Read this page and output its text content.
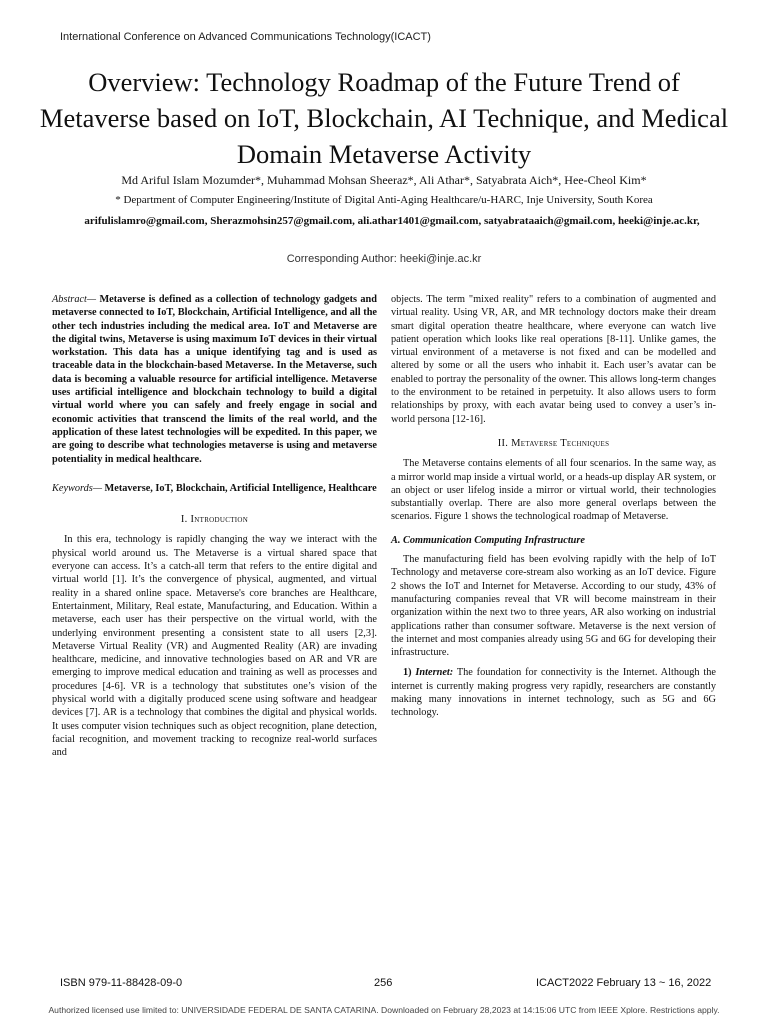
International Conference on Advanced Communications Technology(ICACT)
Overview: Technology Roadmap of the Future Trend of Metaverse based on IoT, Blockchain, AI Technique, and Medical Domain Metaverse Activity
Md Ariful Islam Mozumder*, Muhammad Mohsan Sheeraz*, Ali Athar*, Satyabrata Aich*, Hee-Cheol Kim*
* Department of Computer Engineering/Institute of Digital Anti-Aging Healthcare/u-HARC, Inje University, South Korea
arifulislamro@gmail.com, Sherazmohsin257@gmail.com, ali.athar1401@gmail.com, satyabrataaich@gmail.com, heeki@inje.ac.kr,
Corresponding Author: heeki@inje.ac.kr
Abstract— Metaverse is defined as a collection of technology gadgets and metaverse connected to IoT, Blockchain, Artificial Intelligence, and all the other tech industries including the medical area. IoT and Metaverse are the digital twins, Metaverse is using maximum IoT devices in their virtual workstation. This data has a unique identifying tag and is used as traceable data in the blockchain-based Metaverse. In the Metaverse, such data is becoming a valuable resource for artificial intelligence. Metaverse uses artificial intelligence and blockchain technology to build a digital virtual world where you can safely and freely engage in social and economic activities that transcend the limits of the real world, and the application of these latest technologies will be expedited. In this paper, we are going to describe what technologies metaverse is using and metaverse potentiality in medical healthcare.
Keywords— Metaverse, IoT, Blockchain, Artificial Intelligence, Healthcare
I. Introduction

In this era, technology is rapidly changing the way we interact with the physical world around us. The Metaverse is a virtual shared space that everyone can access. It’s a catch-all term that refers to the entire digital and virtual world [1]. It’s the convergence of physical, augmented, and virtual reality in a shared online space. Metaverse's core branches are Healthcare, Entertainment, Military, Real estate, Manufacturing, and Education. Within a metaverse, each user has their perspective on the virtual world, with the underlying environment presenting a consistent state to all users [2,3]. Metaverse Virtual Reality (VR) and Augmented Reality (AR) are invading healthcare, medicine, and innovative technologies based on AR and VR are emerging to improve medical education and training as well as processes and procedures [4-6]. VR is a technology that substitutes one’s vision of the physical world with a digitally produced scene using software and headgear devices [7]. AR is a technology that combines the digital and physical worlds. It uses computer vision techniques such as object recognition, plane detection, facial recognition, and movement tracking to recognize real-world surfaces and

objects. The term "mixed reality" refers to a combination of augmented and virtual reality. Using VR, AR, and MR technology doctors make their dream smart digital operation theatre healthcare, where everyone can watch live patient operation which looks like real operations [8-11]. Unlike games, the virtual environment of a metaverse is not fixed and can be modelled and altered by some or all the users who inhabit it. Each user’s avatar can be enabled to portray the personality of the owner. This allows long-term changes to the environment to be retained in perpetuity. It also allows users to form relationships by proxy, with each avatar being used to convey a user’s in-world persona [12-16].

II. Metaverse Techniques

The Metaverse contains elements of all four scenarios. In the same way, as a mirror world map inside a virtual world, or a heads-up display AR system, or an object or user lifelog inside a mirror or virtual world, their technologies substantially overlap. There are also more general overlaps between the scenarios. Figure 1 shows the technological roadmap of Metaverse.

A. Communication Computing Infrastructure

The manufacturing field has been evolving rapidly with the help of IoT Technology and metaverse core-stream also working as an IoT device. Figure 2 shows the IoT and Internet for Metaverse. According to our study, 43% of manufacturing companies reveal that VR will become mainstream in their organization within the next two to three years, AR also working on industrial applications rather than consumer software. Metaverse is the next version of the internet and most companies already using 5G and 6G for developing their infrastructure.

1) Internet: The foundation for connectivity is the Internet. Although the internet is currently making progress very rapidly, researchers are constantly making many innovations in internet technology, such as 5G and 6G technology.

ISBN 979-11-88428-09-0	256	ICACT2022 February 13 ~ 16, 2022
Authorized licensed use limited to: UNIVERSIDADE FEDERAL DE SANTA CATARINA. Downloaded on February 28,2023 at 14:15:06 UTC from IEEE Xplore. Restrictions apply.
